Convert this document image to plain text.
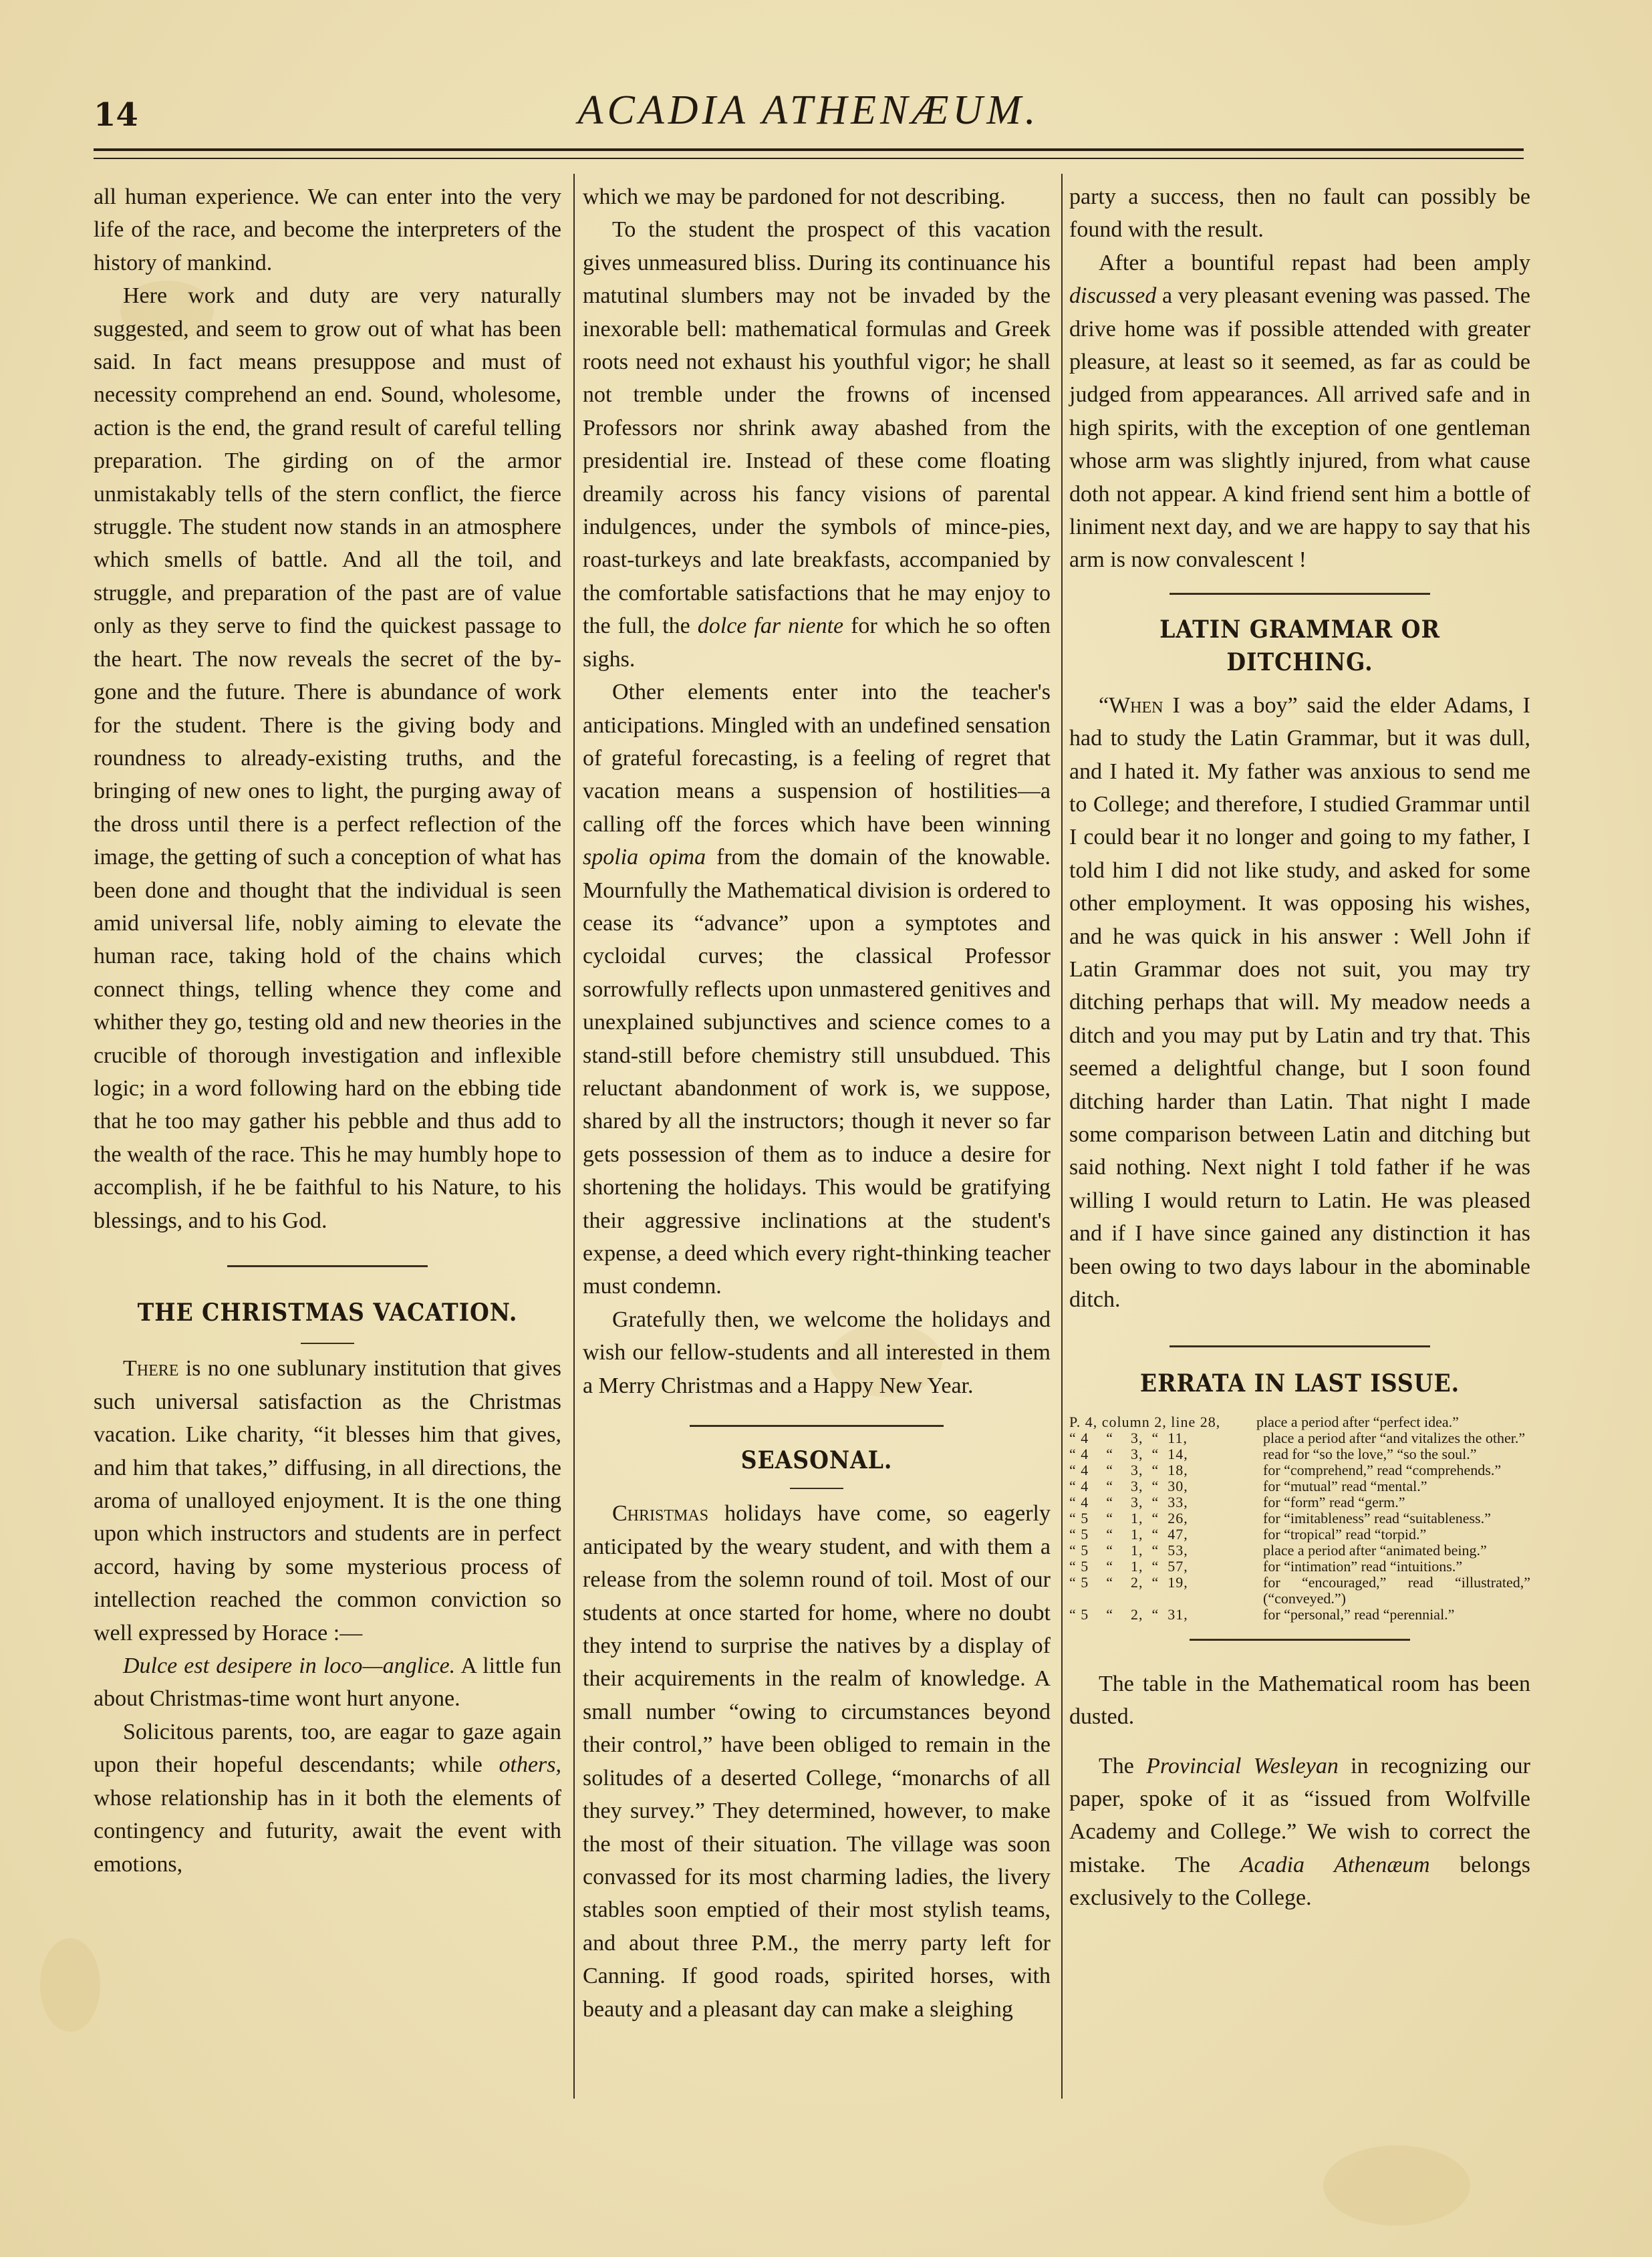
14	ACADIA ATHENÆUM.

all human experience. We can enter into the very life of the race, and become the interpreters of the history of mankind.

Here work and duty are very naturally suggested, and seem to grow out of what has been said. In fact means presuppose and must of necessity comprehend an end. Sound, wholesome, action is the end, the grand result of careful telling preparation. The girding on of the armor unmistakably tells of the stern conflict, the fierce struggle. The student now stands in an atmosphere which smells of battle. And all the toil, and struggle, and preparation of the past are of value only as they serve to find the quickest passage to the heart. The now reveals the secret of the by-gone and the future. There is abundance of work for the student. There is the giving body and roundness to already-existing truths, and the bringing of new ones to light, the purging away of the dross until there is a perfect reflection of the image, the getting of such a conception of what has been done and thought that the individual is seen amid universal life, nobly aiming to elevate the human race, taking hold of the chains which connect things, telling whence they come and whither they go, testing old and new theories in the crucible of thorough investigation and inflexible logic; in a word following hard on the ebbing tide that he too may gather his pebble and thus add to the wealth of the race. This he may humbly hope to accomplish, if he be faithful to his Nature, to his blessings, and to his God.

THE CHRISTMAS VACATION.

There is no one sublunary institution that gives such universal satisfaction as the Christmas vacation. Like charity, “it blesses him that gives, and him that takes,” diffusing, in all directions, the aroma of unalloyed enjoyment. It is the one thing upon which instructors and students are in perfect accord, having by some mysterious process of intellection reached the common conviction so well expressed by Horace :—

Dulce est desipere in loco—anglice. A little fun about Christmas-time wont hurt anyone.

Solicitous parents, too, are eagar to gaze again upon their hopeful descendants; while others, whose relationship has in it both the elements of contingency and futurity, await the event with emotions,

which we may be pardoned for not describing.

To the student the prospect of this vacation gives unmeasured bliss. During its continuance his matutinal slumbers may not be invaded by the inexorable bell: mathematical formulas and Greek roots need not exhaust his youthful vigor; he shall not tremble under the frowns of incensed Professors nor shrink away abashed from the presidential ire. Instead of these come floating dreamily across his fancy visions of parental indulgences, under the symbols of mince-pies, roast-turkeys and late breakfasts, accompanied by the comfortable satisfactions that he may enjoy to the full, the dolce far niente for which he so often sighs.

Other elements enter into the teacher's anticipations. Mingled with an undefined sensation of grateful forecasting, is a feeling of regret that vacation means a suspension of hostilities—a calling off the forces which have been winning spolia opima from the domain of the knowable. Mournfully the Mathematical division is ordered to cease its “advance” upon a symptotes and cycloidal curves; the classical Professor sorrowfully reflects upon unmastered genitives and unexplained subjunctives and science comes to a stand-still before chemistry still unsubdued. This reluctant abandonment of work is, we suppose, shared by all the instructors; though it never so far gets possession of them as to induce a desire for shortening the holidays. This would be gratifying their aggressive inclinations at the student's expense, a deed which every right-thinking teacher must condemn.

Gratefully then, we welcome the holidays and wish our fellow-students and all interested in them a Merry Christmas and a Happy New Year.

SEASONAL.

Christmas holidays have come, so eagerly anticipated by the weary student, and with them a release from the solemn round of toil. Most of our students at once started for home, where no doubt they intend to surprise the natives by a display of their acquirements in the realm of knowledge. A small number “owing to circumstances beyond their control,” have been obliged to remain in the solitudes of a deserted College, “monarchs of all they survey.” They determined, however, to make the most of their situation. The village was soon convassed for its most charming ladies, the livery stables soon emptied of their most stylish teams, and about three P.M., the merry party left for Canning. If good roads, spirited horses, with beauty and a pleasant day can make a sleighing

party a success, then no fault can possibly be found with the result.

After a bountiful repast had been amply discussed a very pleasant evening was passed. The drive home was if possible attended with greater pleasure, at least so it seemed, as far as could be judged from appearances. All arrived safe and in high spirits, with the exception of one gentleman whose arm was slightly injured, from what cause doth not appear. A kind friend sent him a bottle of liniment next day, and we are happy to say that his arm is now convalescent !

LATIN GRAMMAR OR DITCHING.

“When I was a boy” said the elder Adams, I had to study the Latin Grammar, but it was dull, and I hated it. My father was anxious to send me to College; and therefore, I studied Grammar until I could bear it no longer and going to my father, I told him I did not like study, and asked for some other employment. It was opposing his wishes, and he was quick in his answer : Well John if Latin Grammar does not suit, you may try ditching perhaps that will. My meadow needs a ditch and you may put by Latin and try that. This seemed a delightful change, but I soon found ditching harder than Latin. That night I made some comparison between Latin and ditching but said nothing. Next night I told father if he was willing I would return to Latin. He was pleased and if I have since gained any distinction it has been owing to two days labour in the abominable ditch.

ERRATA IN LAST ISSUE.
P. 4, column 2, line 28,	place a period after “perfect idea.”
“ 4    “    3,  “  11,	place a period after “and vitalizes the other.”
“ 4    “    3,  “  14,	read for “so the love,” “so the soul.”
“ 4    “    3,  “  18,	for “comprehend,” read “comprehends.”
“ 4    “    3,  “  30,	for “mutual” read “mental.”
“ 4    “    3,  “  33,	for “form” read “germ.”
“ 5    “    1,  “  26,	for “imitableness” read “suitableness.”
“ 5    “    1,  “  47,	for “tropical” read “torpid.”
“ 5    “    1,  “  53,	place a period after “animated being.”
“ 5    “    1,  “  57,	for “intimation” read “intuitions.”
“ 5    “    2,  “  19,	for “encouraged,” read “illustrated,” (“conveyed.”)
“ 5    “    2,  “  31,	for “personal,” read “perennial.”

The table in the Mathematical room has been dusted.

The Provincial Wesleyan in recognizing our paper, spoke of it as “issued from Wolfville Academy and College.” We wish to correct the mistake. The Acadia Athenæum belongs exclusively to the College.
